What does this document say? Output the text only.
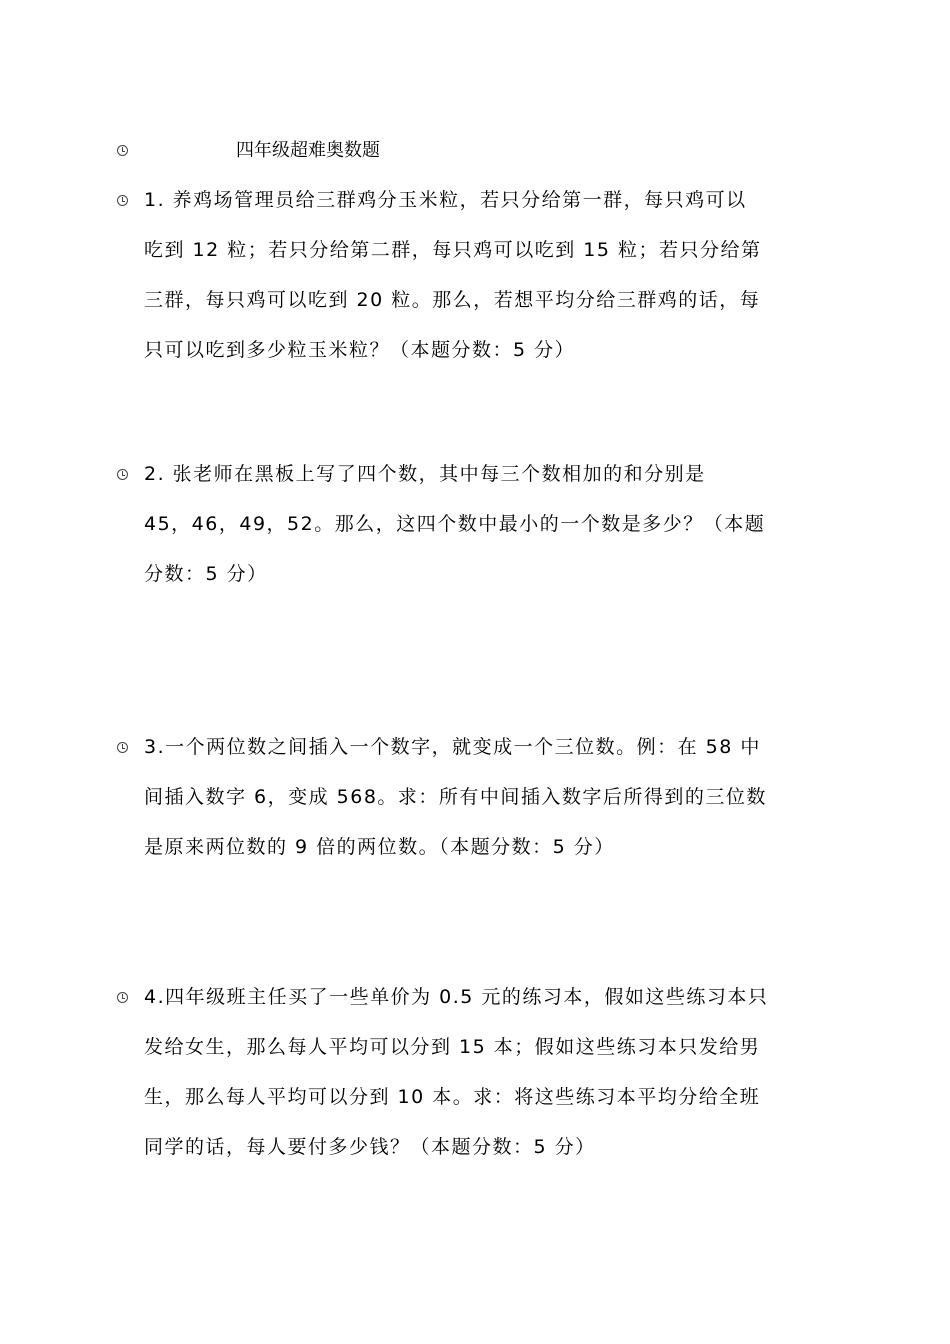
四年级超难奥数题
1. 养鸡场管理员给三群鸡分玉米粒，若只分给第一群，每只鸡可以
吃到 12 粒；若只分给第二群，每只鸡可以吃到 15 粒；若只分给第
三群，每只鸡可以吃到 20 粒。那么，若想平均分给三群鸡的话，每
只可以吃到多少粒玉米粒？（本题分数：5 分）
2. 张老师在黑板上写了四个数，其中每三个数相加的和分别是
45，46，49，52。那么，这四个数中最小的一个数是多少？（本题
分数：5 分）
3.一个两位数之间插入一个数字，就变成一个三位数。例：在 58 中
间插入数字 6，变成 568。求：所有中间插入数字后所得到的三位数
是原来两位数的 9 倍的两位数。（本题分数：5 分）
4.四年级班主任买了一些单价为 0.5 元的练习本，假如这些练习本只
发给女生，那么每人平均可以分到 15 本；假如这些练习本只发给男
生，那么每人平均可以分到 10 本。求：将这些练习本平均分给全班
同学的话，每人要付多少钱？（本题分数：5 分）
